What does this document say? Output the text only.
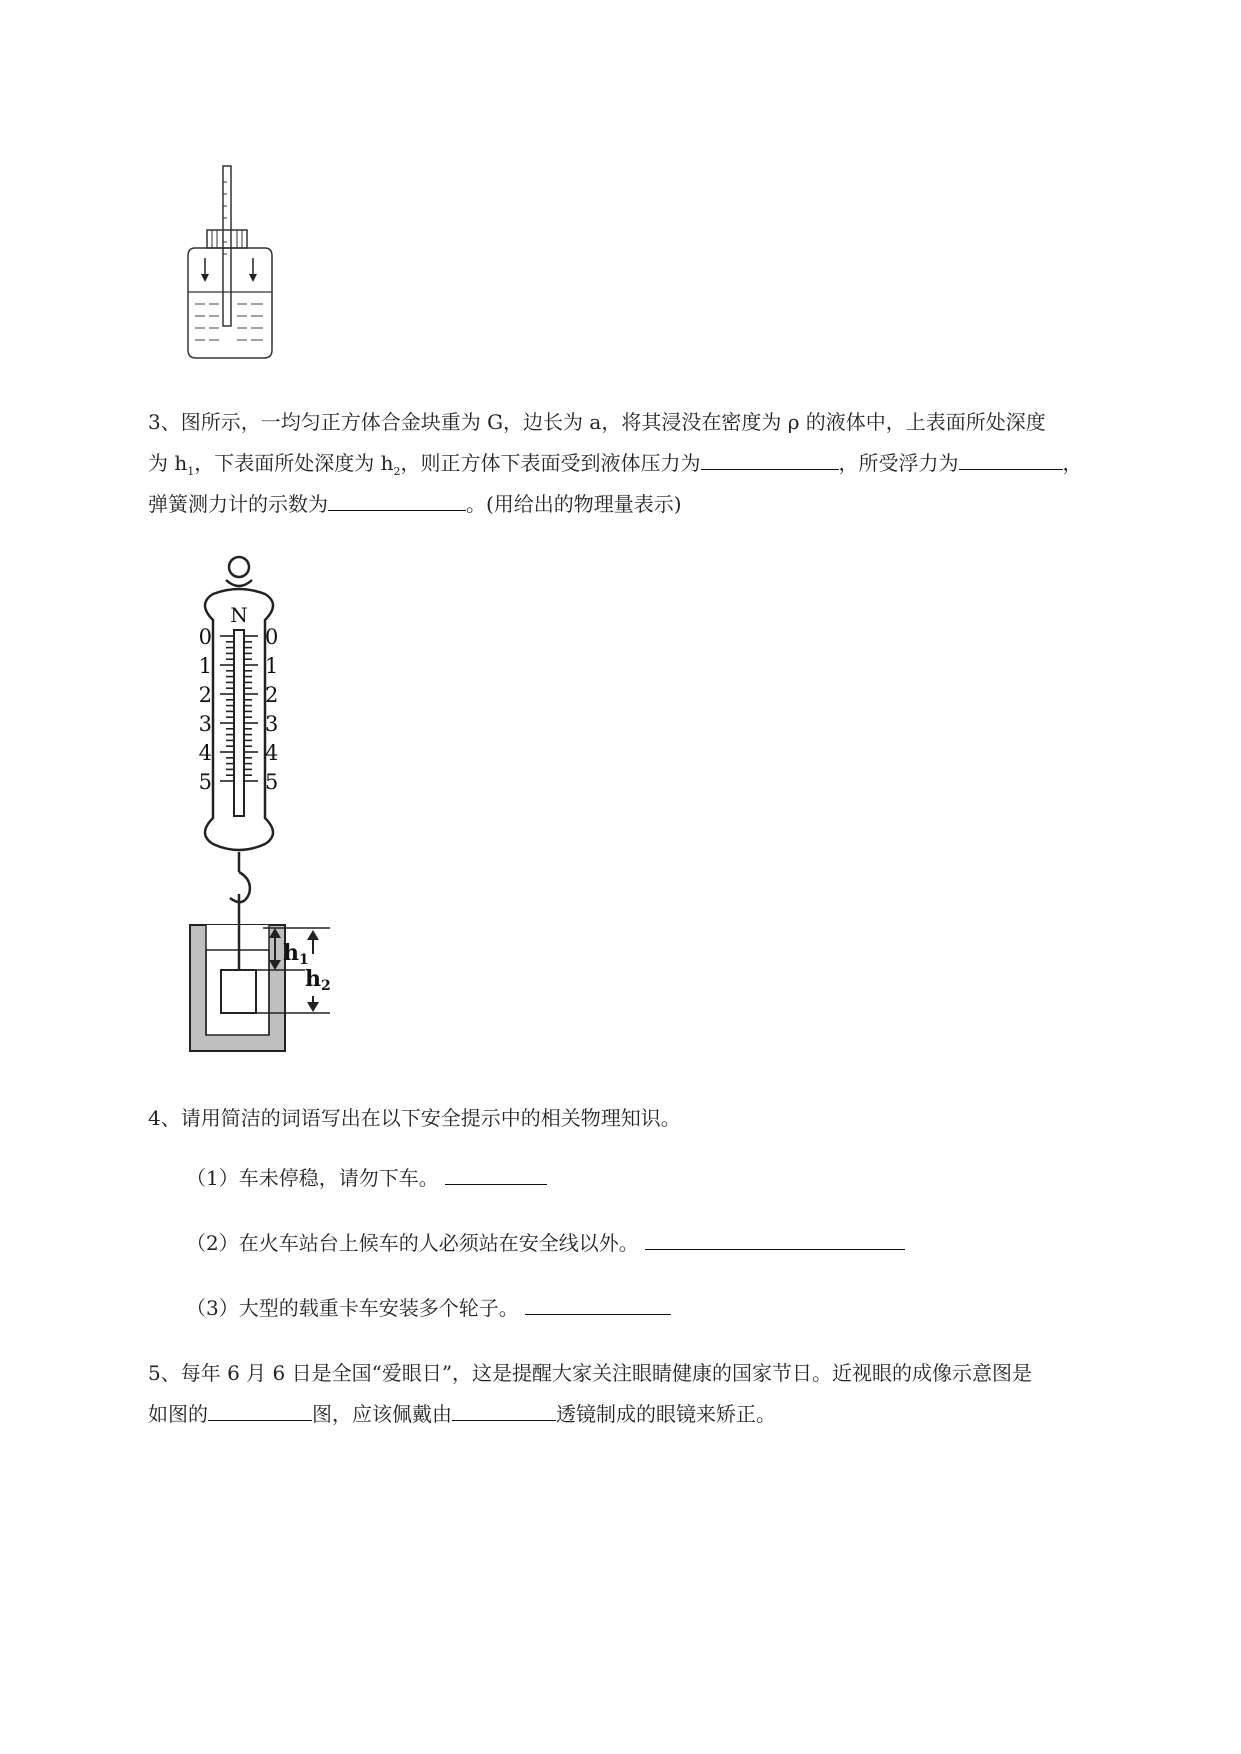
3、图所示，一均匀正方体合金块重为 G，边长为 a，将其浸没在密度为 ρ 的液体中，上表面所处深度

为 $h_1$，下表面所处深度为 $h_2$，则正方体下表面受到液体压力为	，所受浮力为	，

弹簧测力计的示数为	。(用给出的物理量表示)

N
0	0
1	1
2	2
3	3
4	4
5	5
h1
h2

4、请用简洁的词语写出在以下安全提示中的相关物理知识。

（1）车未停稳，请勿下车。

（2）在火车站台上候车的人必须站在安全线以外。

（3）大型的载重卡车安装多个轮子。

5、每年 6 月 6 日是全国“爱眼日”，这是提醒大家关注眼睛健康的国家节日。近视眼的成像示意图是

如图的	图，应该佩戴由	透镜制成的眼镜来矫正。
